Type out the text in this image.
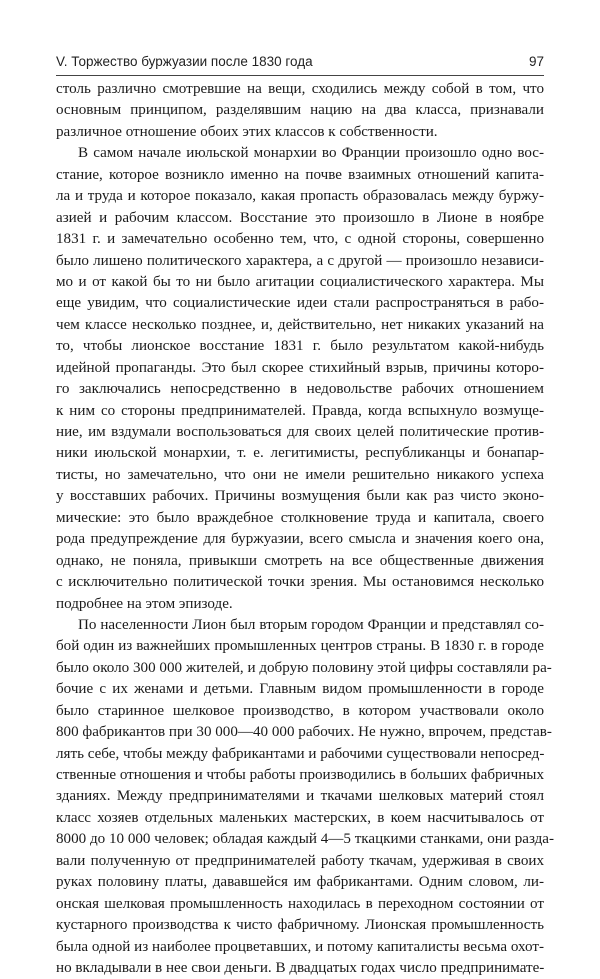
V. Торжество буржуазии после 1830 года	97
столь различно смотревшие на вещи, сходились между собой в том, что
основным принципом, разделявшим нацию на два класса, признавали
различное отношение обоих этих классов к собственности.
В самом начале июльской монархии во Франции произошло одно вос-
стание, которое возникло именно на почве взаимных отношений капита-
ла и труда и которое показало, какая пропасть образовалась между буржу-
азией и рабочим классом. Восстание это произошло в Лионе в ноябре
1831 г. и замечательно особенно тем, что, с одной стороны, совершенно
было лишено политического характера, а с другой — произошло независи-
мо и от какой бы то ни было агитации социалистического характера. Мы
еще увидим, что социалистические идеи стали распространяться в рабо-
чем классе несколько позднее, и, действительно, нет никаких указаний на
то, чтобы лионское восстание 1831 г. было результатом какой-нибудь
идейной пропаганды. Это был скорее стихийный взрыв, причины которо-
го заключались непосредственно в недовольстве рабочих отношением
к ним со стороны предпринимателей. Правда, когда вспыхнуло возмуще-
ние, им вздумали воспользоваться для своих целей политические против-
ники июльской монархии, т. е. легитимисты, республиканцы и бонапар-
тисты, но замечательно, что они не имели решительно никакого успеха
у восставших рабочих. Причины возмущения были как раз чисто эконо-
мические: это было враждебное столкновение труда и капитала, своего
рода предупреждение для буржуазии, всего смысла и значения коего она,
однако, не поняла, привыкши смотреть на все общественные движения
с исключительно политической точки зрения. Мы остановимся несколько
подробнее на этом эпизоде.
По населенности Лион был вторым городом Франции и представлял со-
бой один из важнейших промышленных центров страны. В 1830 г. в городе
было около 300 000 жителей, и добрую половину этой цифры составляли ра-
бочие с их женами и детьми. Главным видом промышленности в городе
было старинное шелковое производство, в котором участвовали около
800 фабрикантов при 30 000—40 000 рабочих. Не нужно, впрочем, представ-
лять себе, чтобы между фабрикантами и рабочими существовали непосред-
ственные отношения и чтобы работы производились в больших фабричных
зданиях. Между предпринимателями и ткачами шелковых материй стоял
класс хозяев отдельных маленьких мастерских, в коем насчитывалось от
8000 до 10 000 человек; обладая каждый 4—5 ткацкими станками, они разда-
вали полученную от предпринимателей работу ткачам, удерживая в своих
руках половину платы, дававшейся им фабрикантами. Одним словом, ли-
онская шелковая промышленность находилась в переходном состоянии от
кустарного производства к чисто фабричному. Лионская промышленность
была одной из наиболее процветавших, и потому капиталисты весьма охот-
но вкладывали в нее свои деньги. В двадцатых годах число предпринимате-
